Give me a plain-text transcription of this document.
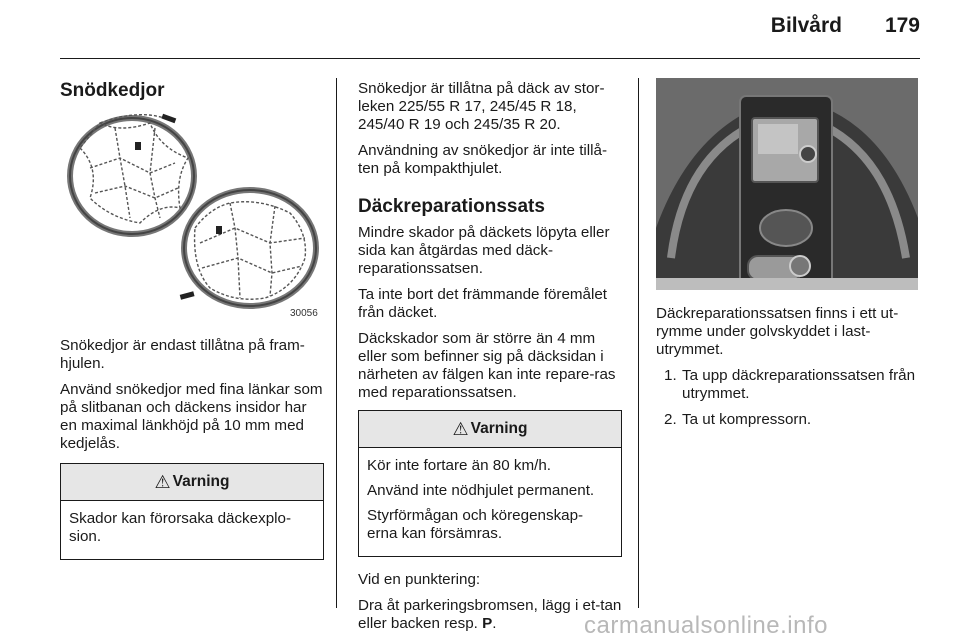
Bilvård 179
Snödkedjor
30056

Snökedjor är endast tillåtna på fram-hjulen.

Använd snökedjor med fina länkar som på slitbanan och däckens insidor har en maximal länkhöjd på 10 mm med kedjelås.

⚠ Varning

Skador kan förorsaka däckexplo-sion.

Snökedjor är tillåtna på däck av stor-leken 225/55 R 17, 245/45 R 18, 245/40 R 19 och 245/35 R 20.

Användning av snökedjor är inte tillå-ten på kompakthjulet.

Däckreparationssats

Mindre skador på däckets löpyta eller sida kan åtgärdas med däck-reparationssatsen.

Ta inte bort det främmande föremålet från däcket.

Däckskador som är större än 4 mm eller som befinner sig på däcksidan i närheten av fälgen kan inte repare-ras med reparationssatsen.

⚠ Varning

Kör inte fortare än 80 km/h.

Använd inte nödhjulet permanent.

Styrförmågan och köregenskap-erna kan försämras.

Vid en punktering:

Dra åt parkeringsbromsen, lägg i et-tan eller backen resp. P.

Däckreparationssatsen finns i ett ut-rymme under golvskyddet i last-utrymmet.

1. Ta upp däckreparationssatsen från utrymmet.
2. Ta ut kompressorn.
carmanualsonline.info
